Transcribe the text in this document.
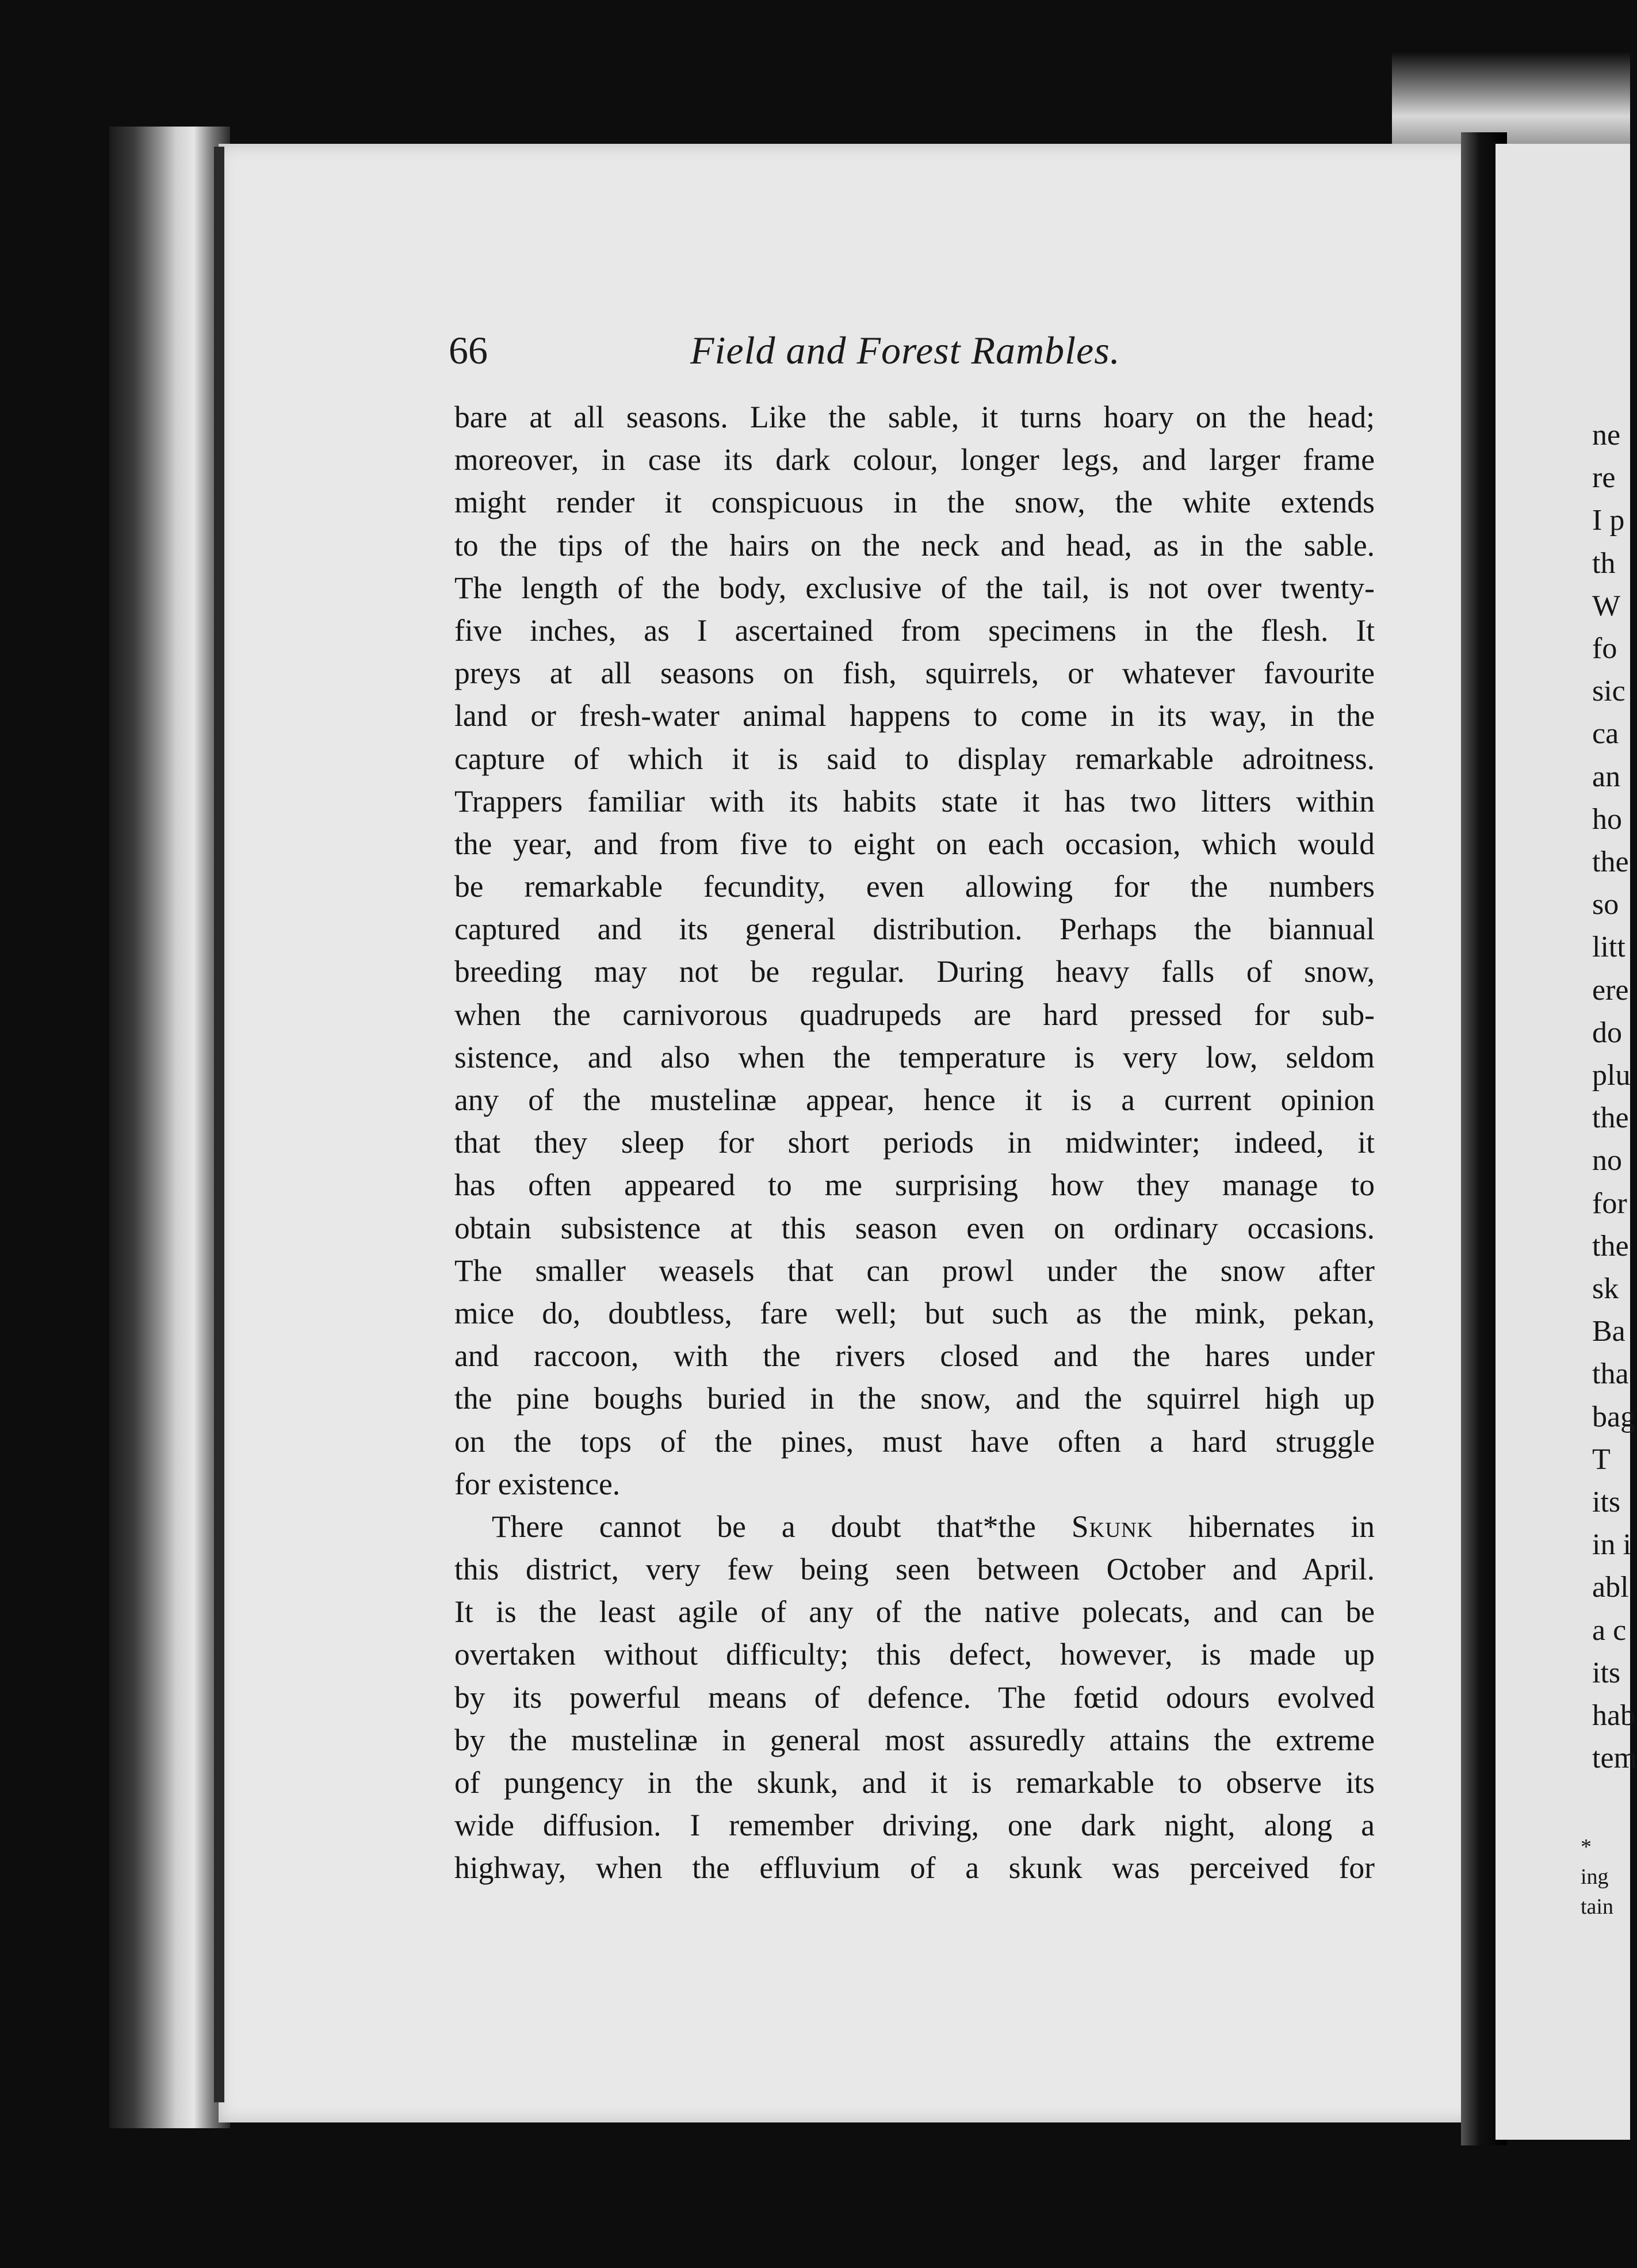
66	Field and Forest Rambles.
bare at all seasons. Like the sable, it turns hoary on the head;
moreover, in case its dark colour, longer legs, and larger frame
might render it conspicuous in the snow, the white extends
to the tips of the hairs on the neck and head, as in the sable.
The length of the body, exclusive of the tail, is not over twenty-
five inches, as I ascertained from specimens in the flesh. It
preys at all seasons on fish, squirrels, or whatever favourite
land or fresh-water animal happens to come in its way, in the
capture of which it is said to display remarkable adroitness.
Trappers familiar with its habits state it has two litters within
the year, and from five to eight on each occasion, which would
be remarkable fecundity, even allowing for the numbers
captured and its general distribution. Perhaps the biannual
breeding may not be regular. During heavy falls of snow,
when the carnivorous quadrupeds are hard pressed for sub-
sistence, and also when the temperature is very low, seldom
any of the mustelinæ appear, hence it is a current opinion
that they sleep for short periods in midwinter; indeed, it
has often appeared to me surprising how they manage to
obtain subsistence at this season even on ordinary occasions.
The smaller weasels that can prowl under the snow after
mice do, doubtless, fare well; but such as the mink, pekan,
and raccoon, with the rivers closed and the hares under
the pine boughs buried in the snow, and the squirrel high up
on the tops of the pines, must have often a hard struggle
for existence.
There cannot be a doubt that*the Skunk hibernates in
this district, very few being seen between October and April.
It is the least agile of any of the native polecats, and can be
overtaken without difficulty; this defect, however, is made up
by its powerful means of defence. The fœtid odours evolved
by the mustelinæ in general most assuredly attains the extreme
of pungency in the skunk, and it is remarkable to observe its
wide diffusion. I remember driving, one dark night, along a
highway, when the effluvium of a skunk was perceived for
ne
re
I p
th
W
fo
sic
ca
an
ho
the
so
litt
ere
do
plu
the
no
for
the
sk
Ba
tha
bag
T
its
in i
abl
a c
its
hab
tem
*
ing
tain
